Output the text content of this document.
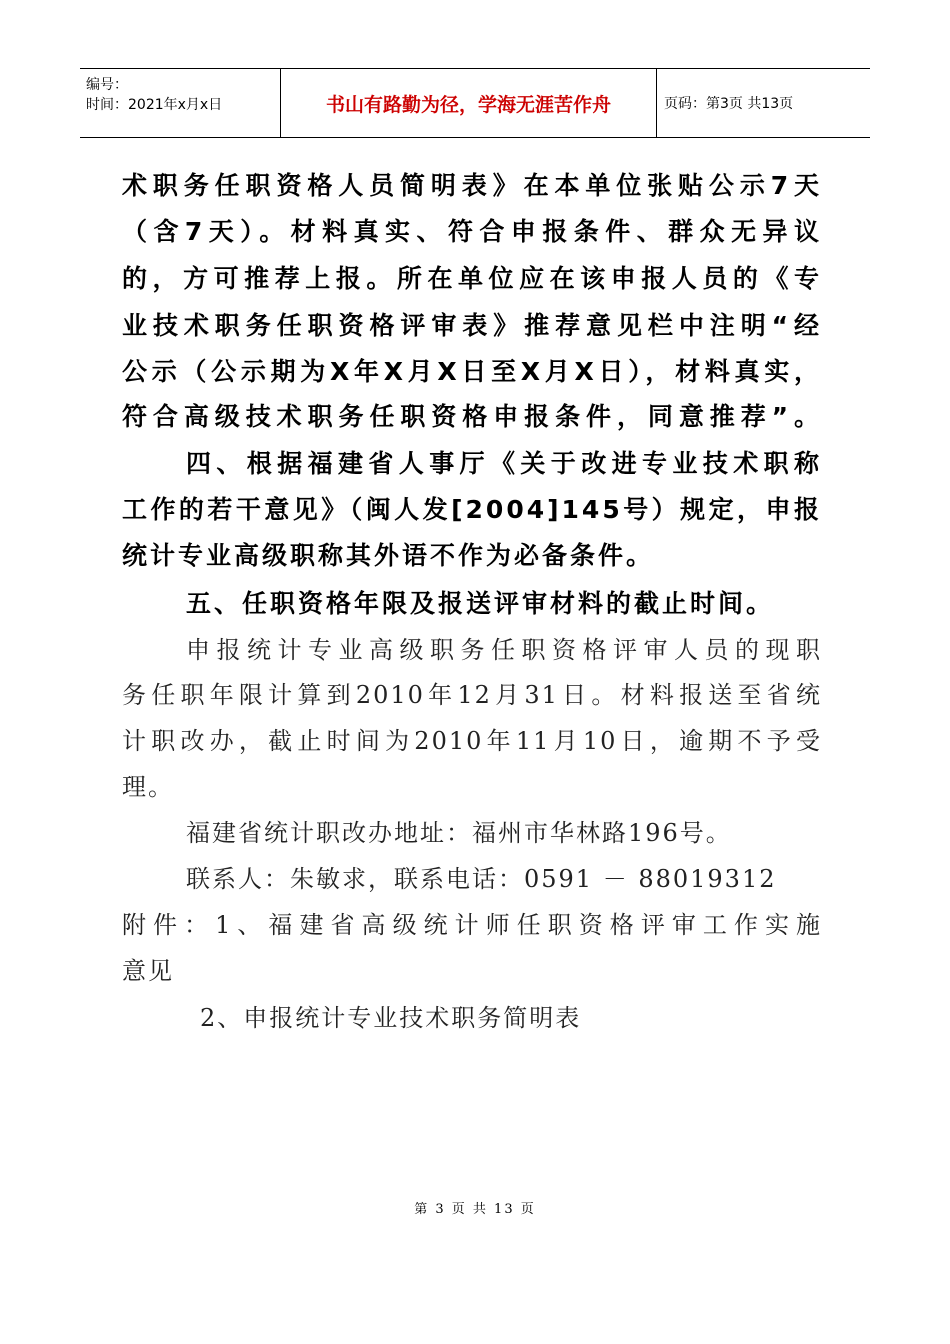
编号：
时间：2021年x月x日	书山有路勤为径，学海无涯苦作舟	页码：第3页 共13页
术职务任职资格人员简明表》在本单位张贴公示7天
（含7天）。材料真实、符合申报条件、群众无异议
的，方可推荐上报。所在单位应在该申报人员的《专
业技术职务任职资格评审表》推荐意见栏中注明“经
公示（公示期为X年X月X日至X月X日），材料真实，
符合高级技术职务任职资格申报条件，同意推荐”。
四、根据福建省人事厅《关于改进专业技术职称
工作的若干意见》（闽人发[2004]145号）规定，申报
统计专业高级职称其外语不作为必备条件。
五、任职资格年限及报送评审材料的截止时间。
申报统计专业高级职务任职资格评审人员的现职
务任职年限计算到2010年12月31日。材料报送至省统
计职改办，截止时间为2010年11月10日，逾期不予受
理。
福建省统计职改办地址：福州市华林路196号。
联系人：朱敏求，联系电话：0591 － 88019312
附件：1、福建省高级统计师任职资格评审工作实施
意见
2、申报统计专业技术职务简明表
第 3 页 共 13 页
